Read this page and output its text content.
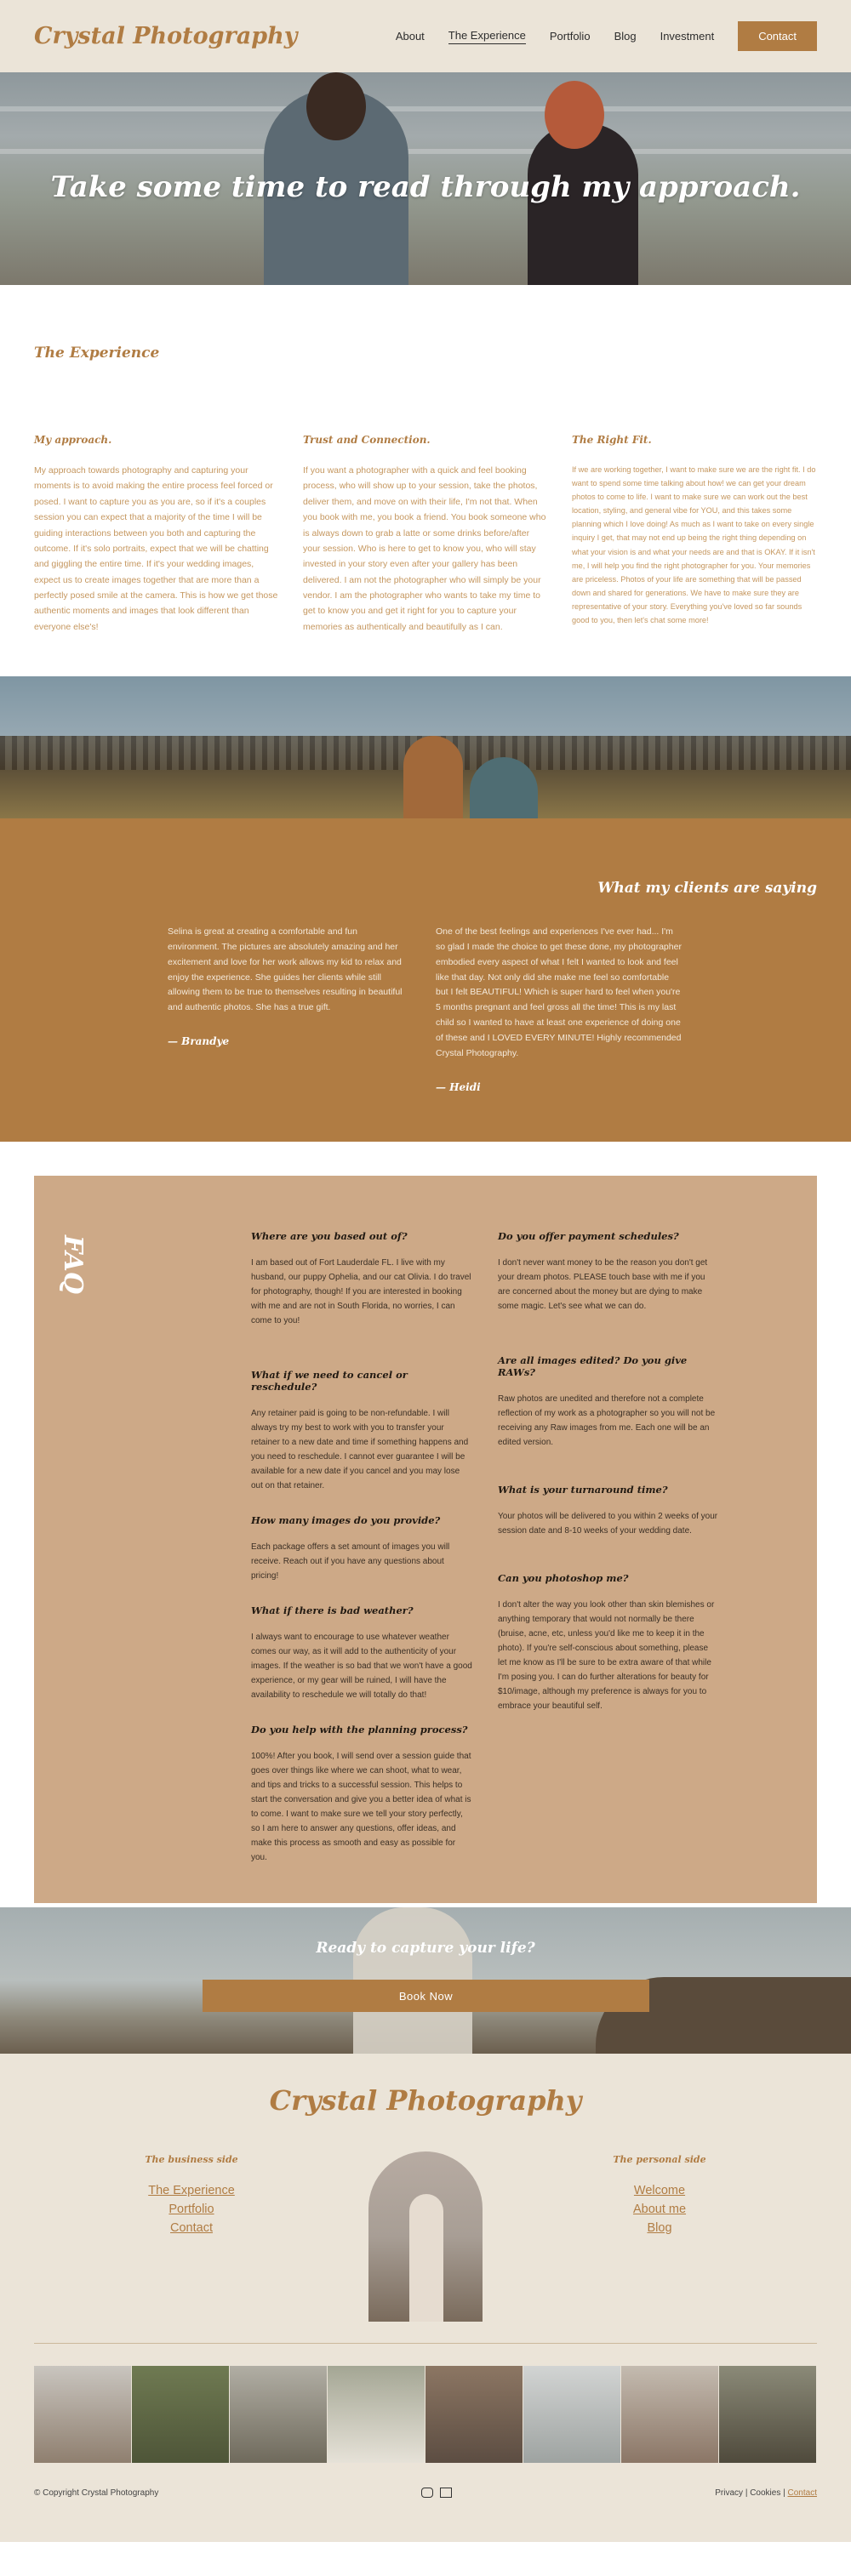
Crystal Photography	About The Experience Portfolio Blog Investment	Contact
Take some time to read through my approach.
The Experience
My approach.

My approach towards photography and capturing your moments is to avoid making the entire process feel forced or posed. I want to capture you as you are, so if it's a couples session you can expect that a majority of the time I will be guiding interactions between you both and capturing the outcome. If it's solo portraits, expect that we will be chatting and giggling the entire time. If it's your wedding images, expect us to create images together that are more than a perfectly posed smile at the camera. This is how we get those authentic moments and images that look different than everyone else's!

Trust and Connection.

If you want a photographer with a quick and feel booking process, who will show up to your session, take the photos, deliver them, and move on with their life, I'm not that. When you book with me, you book a friend. You book someone who is always down to grab a latte or some drinks before/after your session. Who is here to get to know you, who will stay invested in your story even after your gallery has been delivered. I am not the photographer who will simply be your vendor. I am the photographer who wants to take my time to get to know you and get it right for you to capture your memories as authentically and beautifully as I can.

The Right Fit.

If we are working together, I want to make sure we are the right fit. I do want to spend some time talking about how! we can get your dream photos to come to life. I want to make sure we can work out the best location, styling, and general vibe for YOU, and this takes some planning which I love doing! As much as I want to take on every single inquiry I get, that may not end up being the right thing depending on what your vision is and what your needs are and that is OKAY. If it isn't me, I will help you find the right photographer for you. Your memories are priceless. Photos of your life are something that will be passed down and shared for generations. We have to make sure they are representative of your story. Everything you've loved so far sounds good to you, then let's chat some more!

What my clients are saying

Selina is great at creating a comfortable and fun environment. The pictures are absolutely amazing and her excitement and love for her work allows my kid to relax and enjoy the experience. She guides her clients while still allowing them to be true to themselves resulting in beautiful and authentic photos. She has a true gift.

— Brandye

One of the best feelings and experiences I've ever had... I'm so glad I made the choice to get these done, my photographer embodied every aspect of what I felt I wanted to look and feel like that day. Not only did she make me feel so comfortable but I felt BEAUTIFUL! Which is super hard to feel when you're 5 months pregnant and feel gross all the time! This is my last child so I wanted to have at least one experience of doing one of these and I LOVED EVERY MINUTE! Highly recommended Crystal Photography.

— Heidi
FAQ	Where are you based out of?

I am based out of Fort Lauderdale FL. I live with my husband, our puppy Ophelia, and our cat Olivia. I do travel for photography, though! If you are interested in booking with me and are not in South Florida, no worries, I can come to you!

What if we need to cancel or reschedule?

Any retainer paid is going to be non-refundable. I will always try my best to work with you to transfer your retainer to a new date and time if something happens and you need to reschedule. I cannot ever guarantee I will be available for a new date if you cancel and you may lose out on that retainer.

How many images do you provide?

Each package offers a set amount of images you will receive. Reach out if you have any questions about pricing!

What if there is bad weather?

I always want to encourage to use whatever weather comes our way, as it will add to the authenticity of your images. If the weather is so bad that we won't have a good experience, or my gear will be ruined, I will have the availability to reschedule we will totally do that!

Do you help with the planning process?

100%! After you book, I will send over a session guide that goes over things like where we can shoot, what to wear, and tips and tricks to a successful session. This helps to start the conversation and give you a better idea of what is to come. I want to make sure we tell your story perfectly, so I am here to answer any questions, offer ideas, and make this process as smooth and easy as possible for you.

Do you offer payment schedules?

I don't never want money to be the reason you don't get your dream photos. PLEASE touch base with me if you are concerned about the money but are dying to make some magic. Let's see what we can do.

Are all images edited? Do you give RAWs?

Raw photos are unedited and therefore not a complete reflection of my work as a photographer so you will not be receiving any Raw images from me. Each one will be an edited version.

What is your turnaround time?

Your photos will be delivered to you within 2 weeks of your session date and 8-10 weeks of your wedding date.

Can you photoshop me?

I don't alter the way you look other than skin blemishes or anything temporary that would not normally be there (bruise, acne, etc, unless you'd like me to keep it in the photo). If you're self-conscious about something, please let me know as I'll be sure to be extra aware of that while I'm posing you. I can do further alterations for beauty for $10/image, although my preference is always for you to embrace your beautiful self.

Ready to capture your life?
Book Now
Crystal Photography
The business side
The Experience
Portfolio
Contact
The personal side
Welcome
About me
Blog
© Copyright Crystal Photography	Privacy | Cookies | Contact
